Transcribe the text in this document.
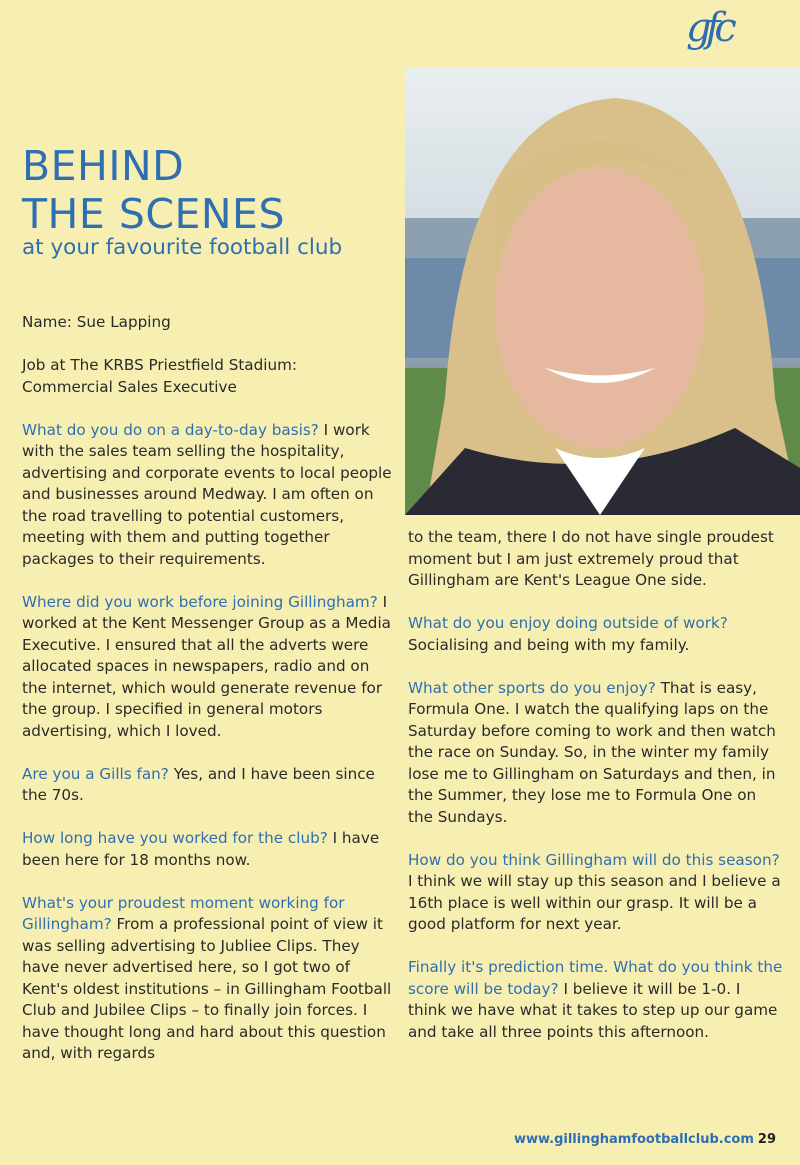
gfc
BEHIND
THE SCENES
at your favourite football club

Name: Sue Lapping

Job at The KRBS Priestfield Stadium: Commercial Sales Executive

What do you do on a day-to-day basis? I work with the sales team selling the hospitality, advertising and corporate events to local people and businesses around Medway. I am often on the road travelling to potential customers, meeting with them and putting together packages to their requirements.

Where did you work before joining Gillingham? I worked at the Kent Messenger Group as a Media Executive. I ensured that all the adverts were allocated spaces in newspapers, radio and on the internet, which would generate revenue for the group. I specified in general motors advertising, which I loved.

Are you a Gills fan? Yes, and I have been since the 70s.

How long have you worked for the club? I have been here for 18 months now.

What's your proudest moment working for Gillingham? From a professional point of view it was selling advertising to Jubliee Clips. They have never advertised here, so I got two of Kent's oldest institutions – in Gillingham Football Club and Jubilee Clips – to finally join forces. I have thought long and hard about this question and, with regards

to the team, there I do not have single proudest moment but I am just extremely proud that Gillingham are Kent's League One side.

What do you enjoy doing outside of work? Socialising and being with my family.

What other sports do you enjoy? That is easy, Formula One. I watch the qualifying laps on the Saturday before coming to work and then watch the race on Sunday. So, in the winter my family lose me to Gillingham on Saturdays and then, in the Summer, they lose me to Formula One on the Sundays.

How do you think Gillingham will do this season? I think we will stay up this season and I believe a 16th place is well within our grasp. It will be a good platform for next year.

Finally it's prediction time. What do you think the score will be today? I believe it will be 1-0. I think we have what it takes to step up our game and take all three points this afternoon.

www.gillinghamfootballclub.com 29
